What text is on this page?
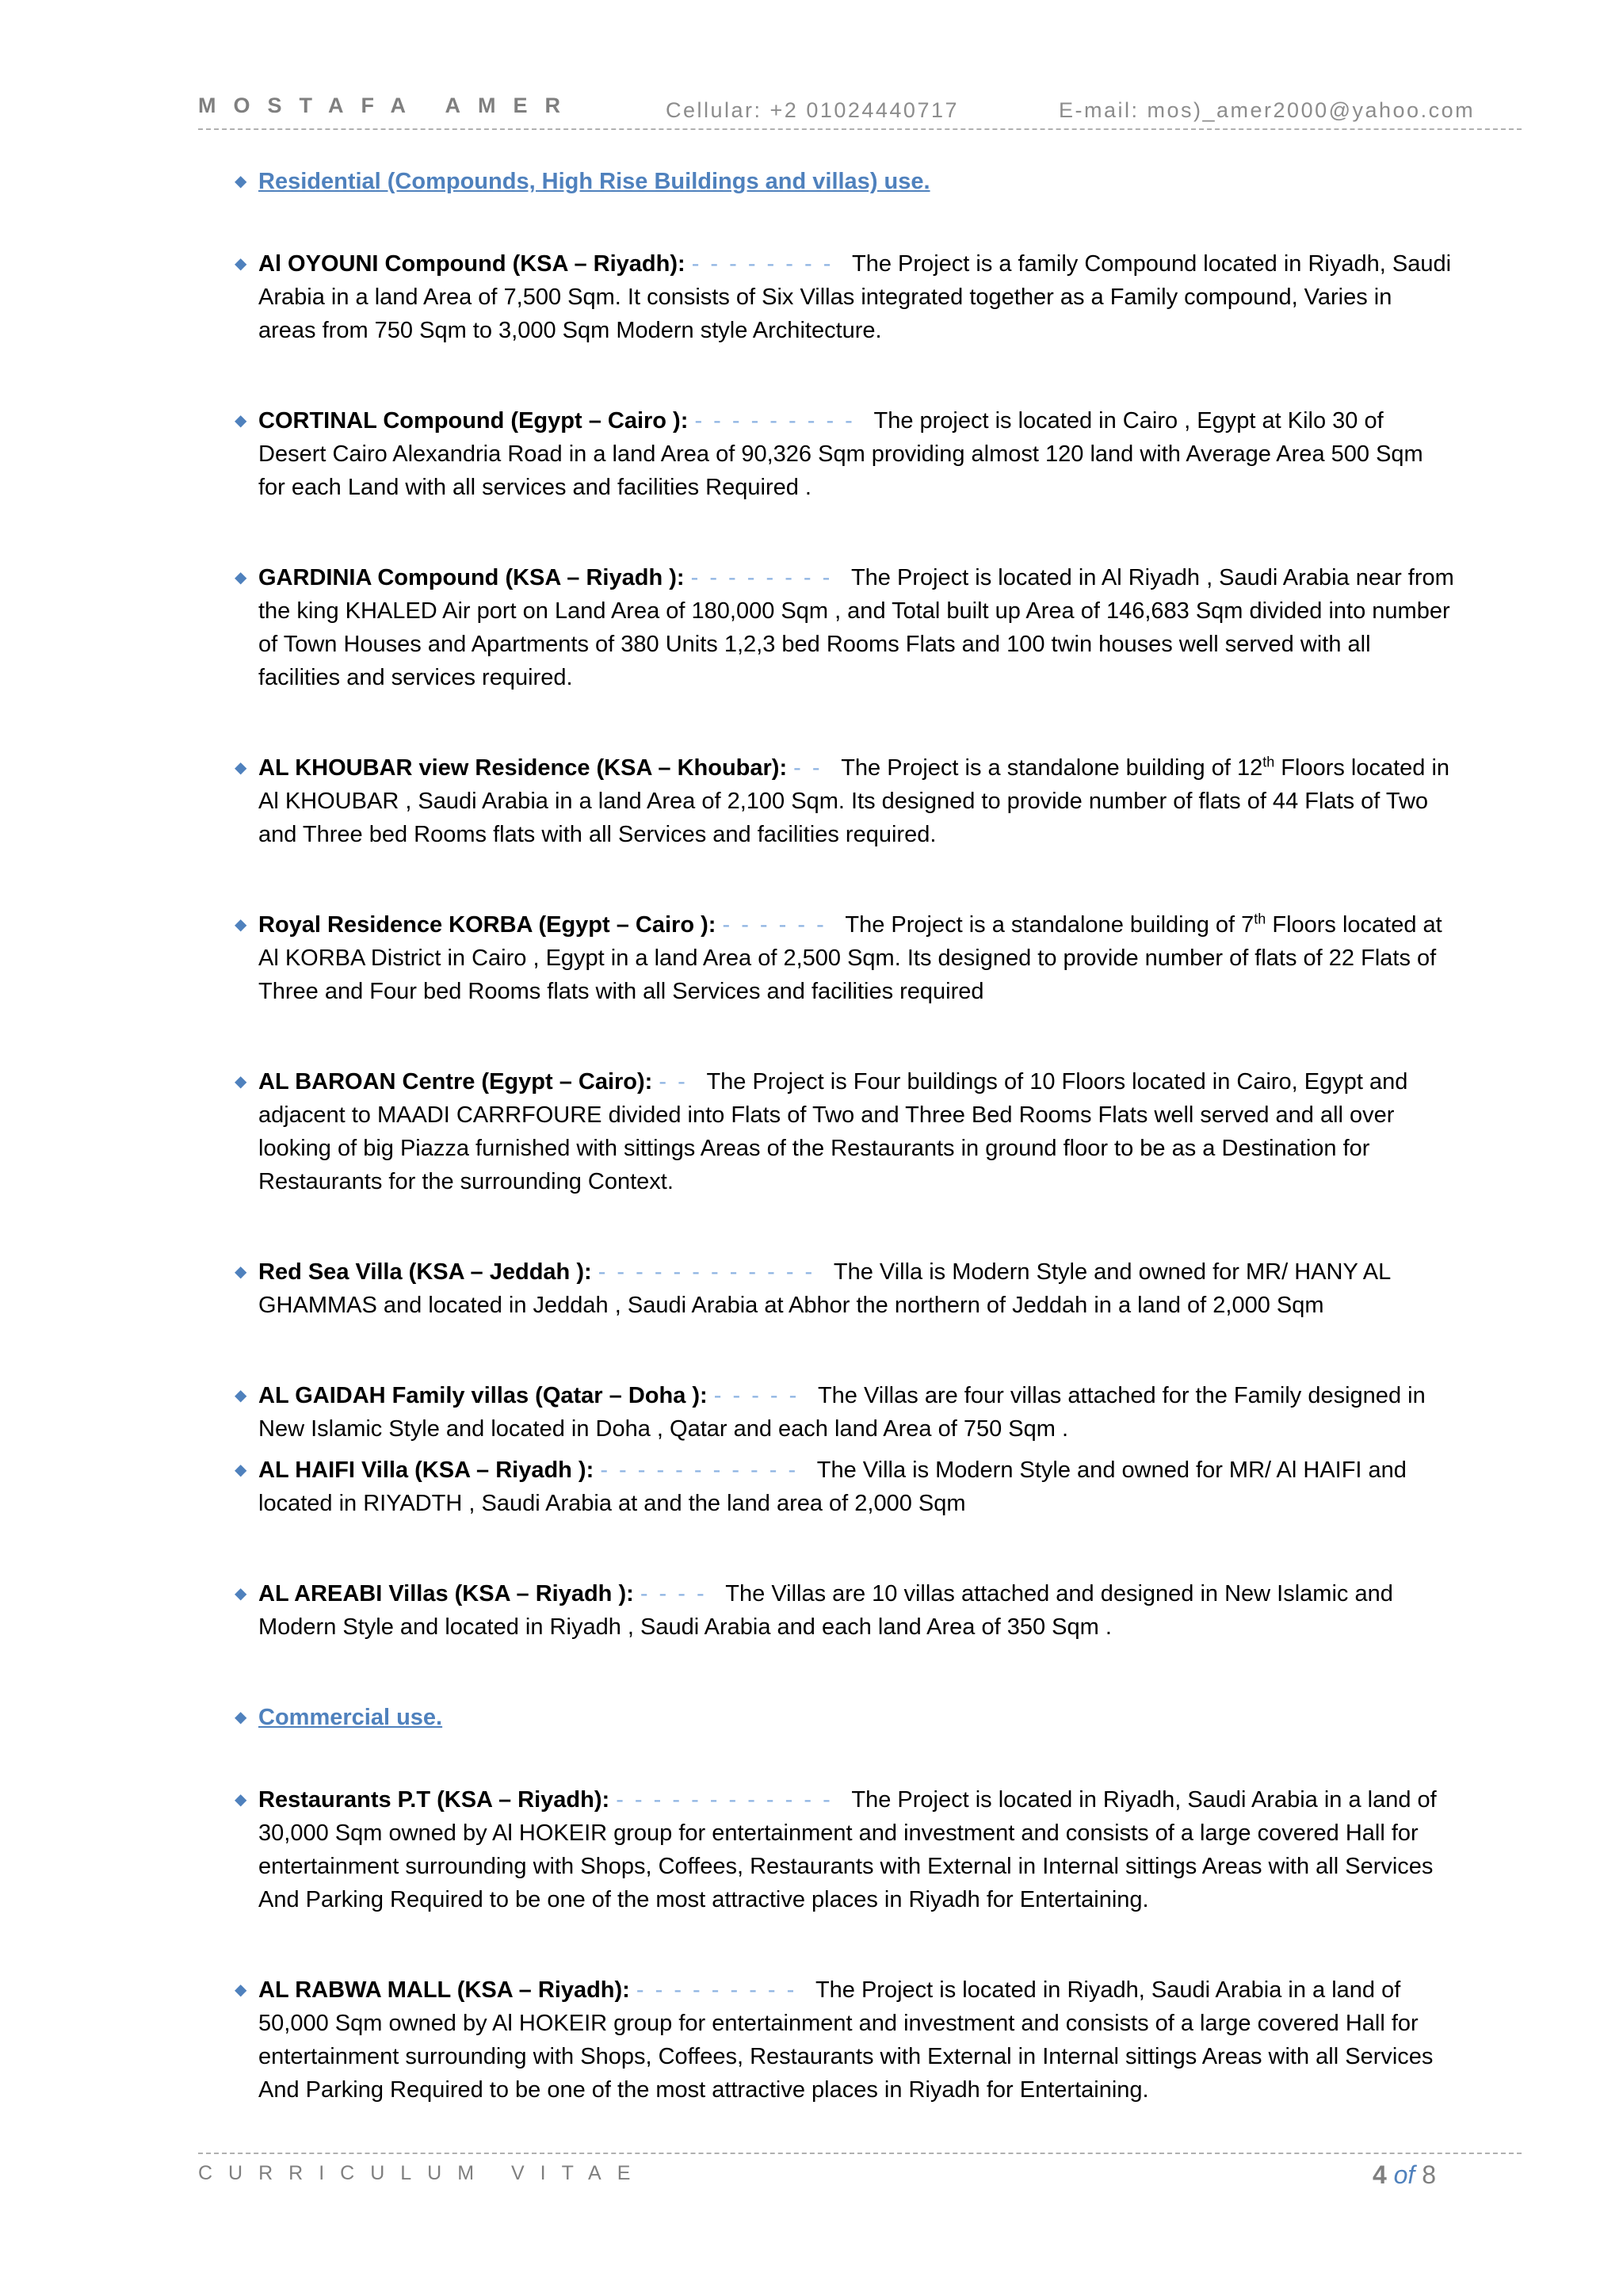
MOSTAFA AMER	Cellular: +2 01024440717	E-mail: mos)_amer2000@yahoo.com
◆ Residential (Compounds, High Rise Buildings and villas) use.
◆ Al OYOUNI Compound (KSA – Riyadh): - - - - - - - - The Project is a family Compound located in Riyadh, Saudi Arabia in a land Area of 7,500 Sqm. It consists of Six Villas integrated together as a Family compound, Varies in areas from 750 Sqm to 3,000 Sqm Modern style Architecture.
◆ CORTINAL Compound (Egypt – Cairo ): - - - - - - - - - The project is located in Cairo , Egypt at Kilo 30 of Desert Cairo Alexandria Road in a land Area of 90,326 Sqm providing almost 120 land with Average Area 500 Sqm for each Land with all services and facilities Required .
◆ GARDINIA Compound (KSA – Riyadh ): - - - - - - - - The Project is located in Al Riyadh , Saudi Arabia near from the king KHALED Air port on Land Area of 180,000 Sqm , and Total built up Area of 146,683 Sqm divided into number of Town Houses and Apartments of 380 Units 1,2,3 bed Rooms Flats and 100 twin houses well served with all facilities and services required.
◆ AL KHOUBAR view Residence (KSA – Khoubar): - - The Project is a standalone building of 12th Floors located in Al KHOUBAR , Saudi Arabia in a land Area of 2,100 Sqm. Its designed to provide number of flats of 44 Flats of Two and Three bed Rooms flats with all Services and facilities required.
◆ Royal Residence KORBA (Egypt – Cairo ): - - - - - - The Project is a standalone building of 7th Floors located at Al KORBA District in Cairo , Egypt in a land Area of 2,500 Sqm. Its designed to provide number of flats of 22 Flats of Three and Four bed Rooms flats with all Services and facilities required
◆ AL BAROAN Centre (Egypt – Cairo): - - The Project is Four buildings of 10 Floors located in Cairo, Egypt and adjacent to MAADI CARRFOURE divided into Flats of Two and Three Bed Rooms Flats well served and all over looking of big Piazza furnished with sittings Areas of the Restaurants in ground floor to be as a Destination for Restaurants for the surrounding Context.
◆ Red Sea Villa (KSA – Jeddah ): - - - - - - - - - - - - The Villa is Modern Style and owned for MR/ HANY AL GHAMMAS and located in Jeddah , Saudi Arabia at Abhor the northern of Jeddah in a land of 2,000 Sqm
◆ AL GAIDAH Family villas (Qatar – Doha ): - - - - - The Villas are four villas attached for the Family designed in New Islamic Style and located in Doha , Qatar and each land Area of 750 Sqm .
◆ AL HAIFI Villa (KSA – Riyadh ): - - - - - - - - - - - The Villa is Modern Style and owned for MR/ Al HAIFI and located in RIYADTH , Saudi Arabia at and the land area of 2,000 Sqm
◆ AL AREABI Villas (KSA – Riyadh ): - - - - The Villas are 10 villas attached and designed in New Islamic and Modern Style and located in Riyadh , Saudi Arabia and each land Area of 350 Sqm .
◆ Commercial use.
◆ Restaurants P.T (KSA – Riyadh): - - - - - - - - - - - - The Project is located in Riyadh, Saudi Arabia in a land of 30,000 Sqm owned by Al HOKEIR group for entertainment and investment and consists of a large covered Hall for entertainment surrounding with Shops, Coffees, Restaurants with External in Internal sittings Areas with all Services And Parking Required to be one of the most attractive places in Riyadh for Entertaining.
◆ AL RABWA MALL (KSA – Riyadh): - - - - - - - - - The Project is located in Riyadh, Saudi Arabia in a land of 50,000 Sqm owned by Al HOKEIR group for entertainment and investment and consists of a large covered Hall for entertainment surrounding with Shops, Coffees, Restaurants with External in Internal sittings Areas with all Services And Parking Required to be one of the most attractive places in Riyadh for Entertaining.
CURRICULUM VITAE	4 of 8
